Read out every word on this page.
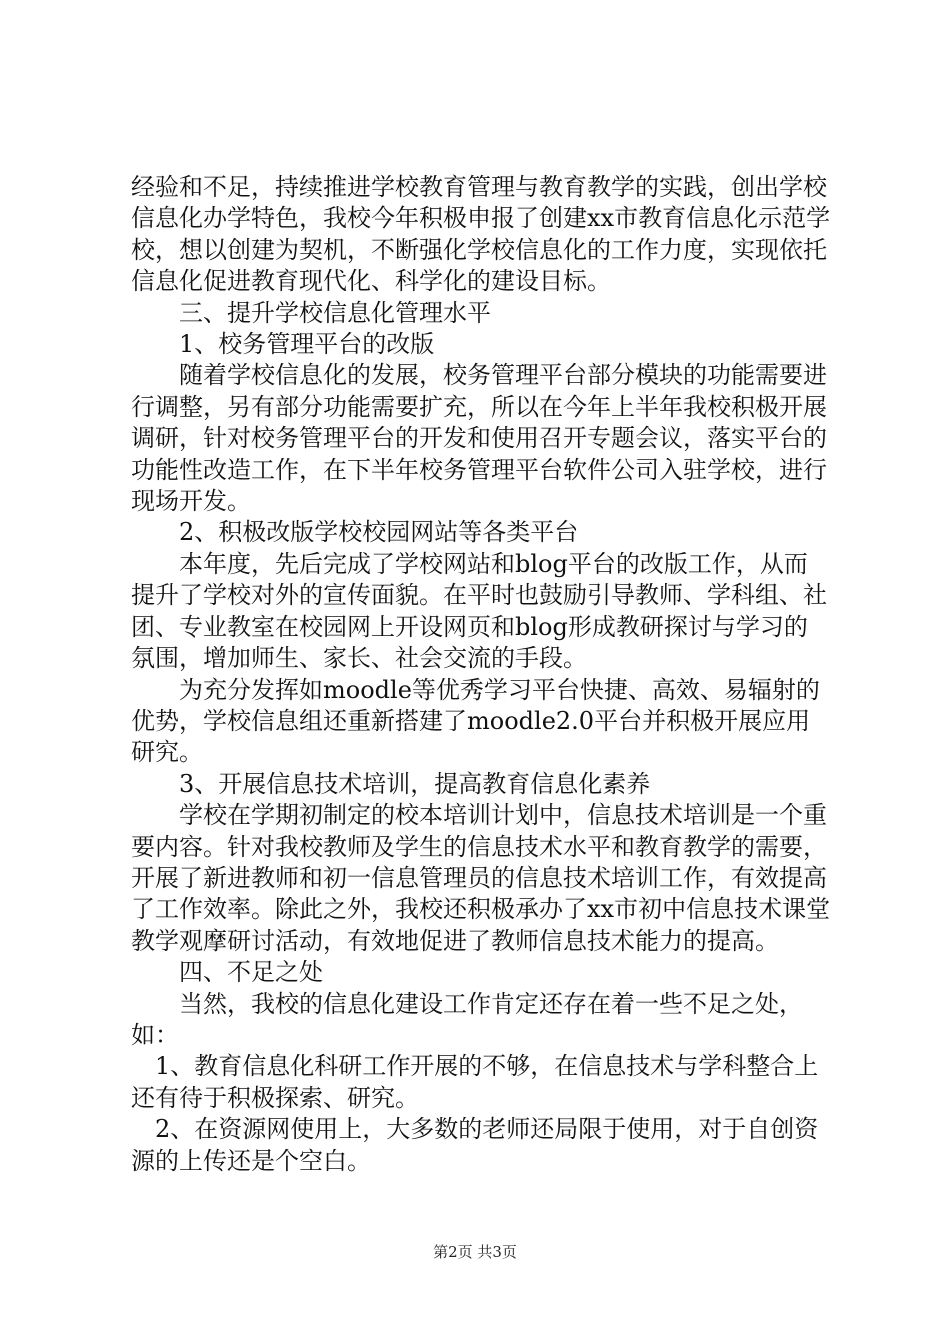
经验和不足，持续推进学校教育管理与教育教学的实践，创出学校信息化办学特色，我校今年积极申报了创建xx市教育信息化示范学校，想以创建为契机，不断强化学校信息化的工作力度，实现依托信息化促进教育现代化、科学化的建设目标。

三、提升学校信息化管理水平

1、校务管理平台的改版

随着学校信息化的发展，校务管理平台部分模块的功能需要进行调整，另有部分功能需要扩充，所以在今年上半年我校积极开展调研，针对校务管理平台的开发和使用召开专题会议，落实平台的功能性改造工作，在下半年校务管理平台软件公司入驻学校，进行现场开发。

2、积极改版学校校园网站等各类平台

本年度，先后完成了学校网站和blog平台的改版工作，从而提升了学校对外的宣传面貌。在平时也鼓励引导教师、学科组、社团、专业教室在校园网上开设网页和blog形成教研探讨与学习的氛围，增加师生、家长、社会交流的手段。

为充分发挥如moodle等优秀学习平台快捷、高效、易辐射的优势，学校信息组还重新搭建了moodle2.0平台并积极开展应用研究。

3、开展信息技术培训，提高教育信息化素养

学校在学期初制定的校本培训计划中，信息技术培训是一个重要内容。针对我校教师及学生的信息技术水平和教育教学的需要，开展了新进教师和初一信息管理员的信息技术培训工作，有效提高了工作效率。除此之外，我校还积极承办了xx市初中信息技术课堂教学观摩研讨活动，有效地促进了教师信息技术能力的提高。

四、不足之处

当然，我校的信息化建设工作肯定还存在着一些不足之处，如：

1、教育信息化科研工作开展的不够，在信息技术与学科整合上还有待于积极探索、研究。

2、在资源网使用上，大多数的老师还局限于使用，对于自创资源的上传还是个空白。

第2页 共3页
